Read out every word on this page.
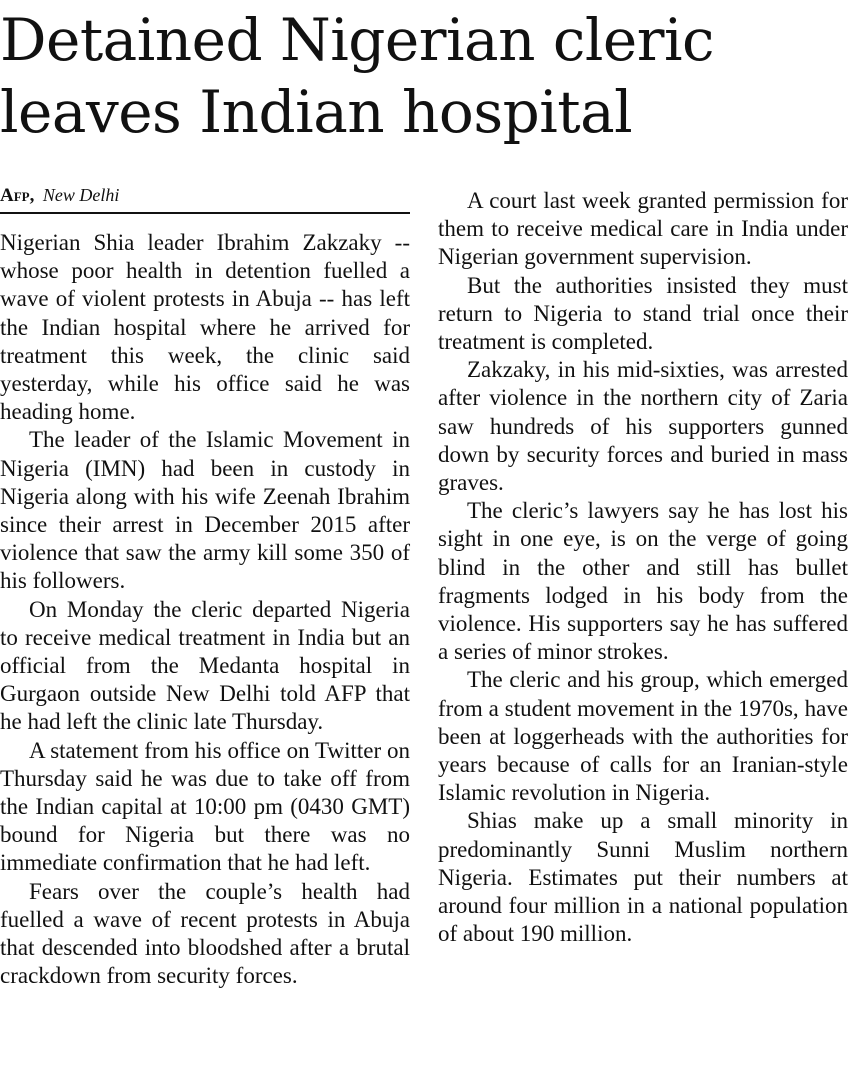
Detained Nigerian cleric
leaves Indian hospital
Afp, New Delhi

Nigerian Shia leader Ibrahim Zakzaky -- whose poor health in detention fuelled a wave of violent protests in Abuja -- has left the Indian hospital where he arrived for treatment this week, the clinic said yesterday, while his office said he was heading home.

The leader of the Islamic Movement in Nigeria (IMN) had been in custody in Nigeria along with his wife Zeenah Ibrahim since their arrest in December 2015 after violence that saw the army kill some 350 of his followers.

On Monday the cleric departed Nigeria to receive medical treatment in India but an official from the Medanta hospital in Gurgaon outside New Delhi told AFP that he had left the clinic late Thursday.

A statement from his office on Twitter on Thursday said he was due to take off from the Indian capital at 10:00 pm (0430 GMT) bound for Nigeria but there was no immediate confirmation that he had left.

Fears over the couple’s health had fuelled a wave of recent protests in Abuja that descended into bloodshed after a brutal crackdown from security forces.

A court last week granted permission for them to receive medical care in India under Nigerian government supervision.

But the authorities insisted they must return to Nigeria to stand trial once their treatment is completed.

Zakzaky, in his mid-sixties, was arrested after violence in the northern city of Zaria saw hundreds of his supporters gunned down by security forces and buried in mass graves.

The cleric’s lawyers say he has lost his sight in one eye, is on the verge of going blind in the other and still has bullet fragments lodged in his body from the violence. His supporters say he has suffered a series of minor strokes.

The cleric and his group, which emerged from a student movement in the 1970s, have been at loggerheads with the authorities for years because of calls for an Iranian-style Islamic revolution in Nigeria.

Shias make up a small minority in predominantly Sunni Muslim northern Nigeria. Estimates put their numbers at around four million in a national population of about 190 million.
